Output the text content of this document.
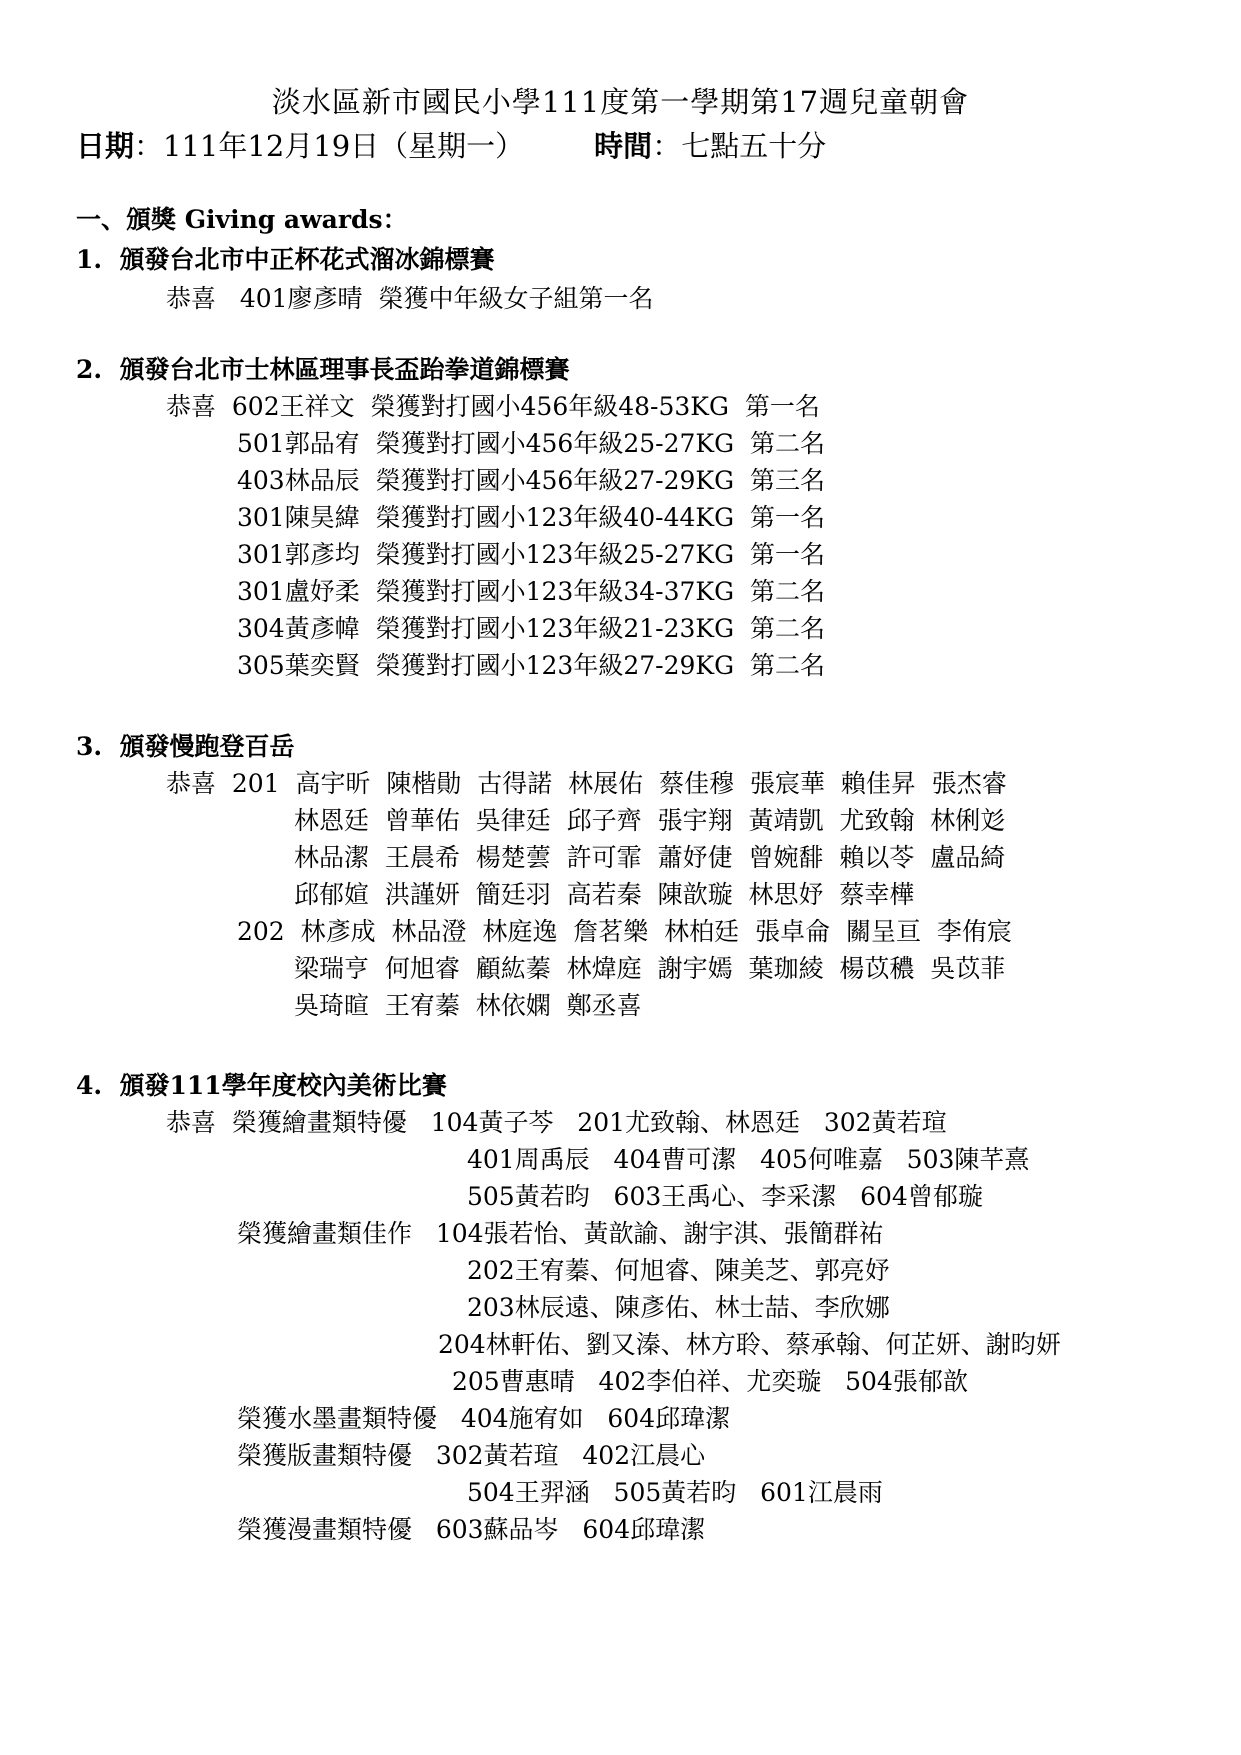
淡水區新市國民小學111度第一學期第17週兒童朝會
日期：111年12月19日（星期一） 時間：七點五十分
一、頒獎 Giving awards：
1.  頒發台北市中正杯花式溜冰錦標賽
恭喜   401廖彥晴  榮獲中年級女子組第一名
2.  頒發台北市士林區理事長盃跆拳道錦標賽
恭喜  602王祥文  榮獲對打國小456年級48-53KG  第一名
501郭品宥  榮獲對打國小456年級25-27KG  第二名
403林品辰  榮獲對打國小456年級27-29KG  第三名
301陳昊緯  榮獲對打國小123年級40-44KG  第一名
301郭彥均  榮獲對打國小123年級25-27KG  第一名
301盧妤柔  榮獲對打國小123年級34-37KG  第二名
304黃彥幃  榮獲對打國小123年級21-23KG  第二名
305葉奕賢  榮獲對打國小123年級27-29KG  第二名
3.  頒發慢跑登百岳
恭喜  201  高宇昕  陳楷勛  古得諾  林展佑  蔡佳穆  張宸華  賴佳昇  張杰睿
林恩廷  曾華佑  吳律廷  邱子齊  張宇翔  黃靖凱  尤致翰  林俐彣
林品潔  王晨希  楊楚蕓  許可霏  蕭妤倢  曾婉馡  賴以苓  盧品綺
邱郁媗  洪謹妍  簡廷羽  高若秦  陳歆璇  林思妤  蔡幸樺
202  林彥成  林品澄  林庭逸  詹茗樂  林柏廷  張卓侖  關呈亘  李侑宸
梁瑞亨  何旭睿  顧紘蓁  林煒庭  謝宇嫣  葉珈綾  楊苡穠  吳苡菲
吳琦暄  王宥蓁  林依嫻  鄭丞喜
4.  頒發111學年度校內美術比賽
恭喜  榮獲繪畫類特優   104黃子芩   201尤致翰、林恩廷   302黃若瑄
401周禹辰   404曹可潔   405何唯嘉   503陳芊熹
505黃若昀   603王禹心、李采潔   604曾郁璇
榮獲繪畫類佳作   104張若怡、黃歆諭、謝宇淇、張簡群祐
202王宥蓁、何旭睿、陳美芝、郭亮妤
203林辰遠、陳彥佑、林士喆、李欣娜
204林軒佑、劉又溱、林方聆、蔡承翰、何芷妍、謝昀妍
205曹惠晴   402李伯祥、尤奕璇   504張郁歆
榮獲水墨畫類特優   404施宥如   604邱瑋潔
榮獲版畫類特優   302黃若瑄   402江晨心
504王羿涵   505黃若昀   601江晨雨
榮獲漫畫類特優   603蘇品岑   604邱瑋潔
